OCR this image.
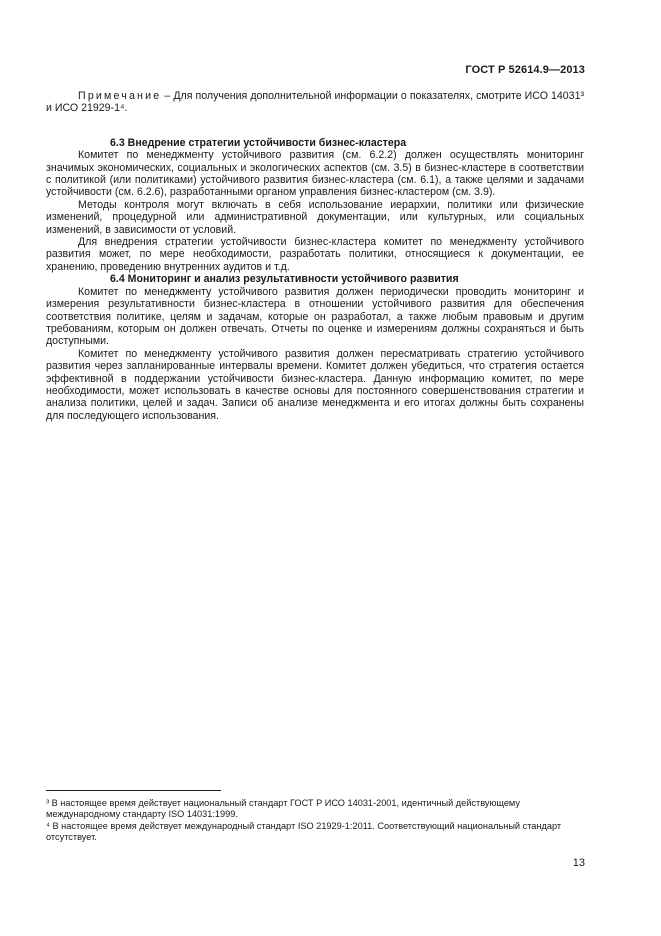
ГОСТ Р 52614.9—2013

Примечание – Для получения дополнительной информации о показателях, смотрите ИСО 14031³ и ИСО 21929-1⁴.

6.3 Внедрение стратегии устойчивости бизнес-кластера

Комитет по менеджменту устойчивого развития (см. 6.2.2) должен осуществлять мониторинг значимых экономических, социальных и экологических аспектов (см. 3.5) в бизнес-кластере в соответствии с политикой (или политиками) устойчивого развития бизнес-кластера (см. 6.1), а также целями и задачами устойчивости (см. 6.2.6), разработанными органом управления бизнес-кластером (см. 3.9).

Методы контроля могут включать в себя использование иерархии, политики или физические изменений, процедурной или административной документации, или культурных, или социальных изменений, в зависимости от условий.

Для внедрения стратегии устойчивости бизнес-кластера комитет по менеджменту устойчивого развития может, по мере необходимости, разработать политики, относящиеся к документации, ее хранению, проведению внутренних аудитов и т.д.

6.4 Мониторинг и анализ результативности устойчивого развития

Комитет по менеджменту устойчивого развития должен периодически проводить мониторинг и измерения результативности бизнес-кластера в отношении устойчивого развития для обеспечения соответствия политике, целям и задачам, которые он разработал, а также любым правовым и другим требованиям, которым он должен отвечать. Отчеты по оценке и измерениям должны сохраняться и быть доступными.

Комитет по менеджменту устойчивого развития должен пересматривать стратегию устойчивого развития через запланированные интервалы времени. Комитет должен убедиться, что стратегия остается эффективной в поддержании устойчивости бизнес-кластера. Данную информацию комитет, по мере необходимости, может использовать в качестве основы для постоянного совершенствования стратегии и анализа политики, целей и задач. Записи об анализе менеджмента и его итогах должны быть сохранены для последующего использования.

³ В настоящее время действует национальный стандарт ГОСТ Р ИСО 14031-2001, идентичный действующему международному стандарту ISO 14031:1999.

⁴ В настоящее время действует международный стандарт ISO 21929-1:2011. Соответствующий национальный стандарт отсутствует.

13
